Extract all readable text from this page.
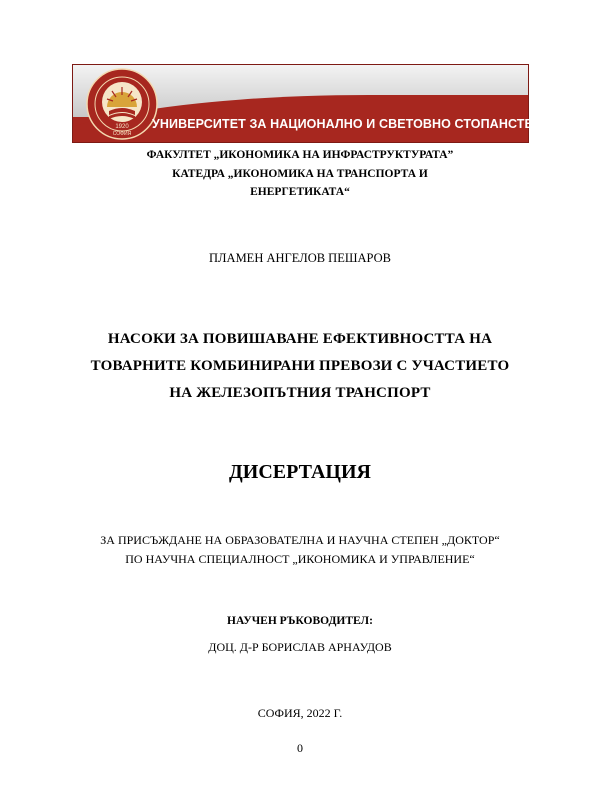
1920
СОФИЯ
УНИВЕРСИТЕТ ЗА НАЦИОНАЛНО И СВЕТОВНО СТОПАНСТВО
ФАКУЛТЕТ „ИКОНОМИКА НА ИНФРАСТРУКТУРАТА”
КАТЕДРА „ИКОНОМИКА НА ТРАНСПОРТА И
ЕНЕРГЕТИКАТА“
ПЛАМЕН АНГЕЛОВ ПЕШАРОВ
НАСОКИ ЗА ПОВИШАВАНЕ ЕФЕКТИВНОСТТА НА
ТОВАРНИТЕ КОМБИНИРАНИ ПРЕВОЗИ С УЧАСТИЕТО
НА ЖЕЛЕЗОПЪТНИЯ ТРАНСПОРТ
ДИСЕРТАЦИЯ
ЗА ПРИСЪЖДАНЕ НА ОБРАЗОВАТЕЛНА И НАУЧНА СТЕПЕН „ДОКТОР“
ПО НАУЧНА СПЕЦИАЛНОСТ „ИКОНОМИКА И УПРАВЛЕНИЕ“
НАУЧЕН РЪКОВОДИТЕЛ:
ДОЦ. Д-Р БОРИСЛАВ АРНАУДОВ
СОФИЯ, 2022 Г.
0
